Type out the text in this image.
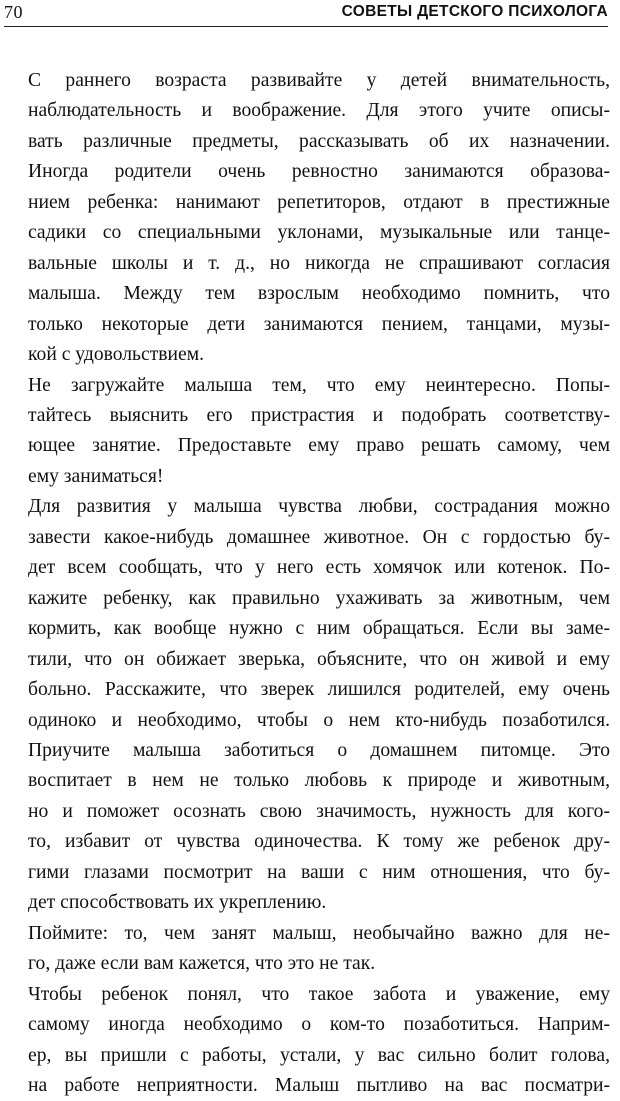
70	СОВЕТЫ ДЕТСКОГО ПСИХОЛОГА

С раннего возраста развивайте у детей внимательность,
наблюдательность и воображение. Для этого учите описы-
вать различные предметы, рассказывать об их назначении.

Иногда родители очень ревностно занимаются образова-
нием ребенка: нанимают репетиторов, отдают в престижные
садики со специальными уклонами, музыкальные или танце-
вальные школы и т. д., но никогда не спрашивают согласия
малыша. Между тем взрослым необходимо помнить, что
только некоторые дети занимаются пением, танцами, музы-
кой с удовольствием.

Не загружайте малыша тем, что ему неинтересно. Попы-
тайтесь выяснить его пристрастия и подобрать соответству-
ющее занятие. Предоставьте ему право решать самому, чем
ему заниматься!

Для развития у малыша чувства любви, сострадания можно
завести какое-нибудь домашнее животное. Он с гордостью бу-
дет всем сообщать, что у него есть хомячок или котенок. По-
кажите ребенку, как правильно ухаживать за животным, чем
кормить, как вообще нужно с ним обращаться. Если вы заме-
тили, что он обижает зверька, объясните, что он живой и ему
больно. Расскажите, что зверек лишился родителей, ему очень
одиноко и необходимо, чтобы о нем кто-нибудь позаботился.

Приучите малыша заботиться о домашнем питомце. Это
воспитает в нем не только любовь к природе и животным,
но и поможет осознать свою значимость, нужность для кого-
то, избавит от чувства одиночества. К тому же ребенок дру-
гими глазами посмотрит на ваши с ним отношения, что бу-
дет способствовать их укреплению.

Поймите: то, чем занят малыш, необычайно важно для не-
го, даже если вам кажется, что это не так.

Чтобы ребенок понял, что такое забота и уважение, ему
самому иногда необходимо о ком-то позаботиться. Наприм-
ер, вы пришли с работы, устали, у вас сильно болит голова,
на работе неприятности. Малыш пытливо на вас посматри-
